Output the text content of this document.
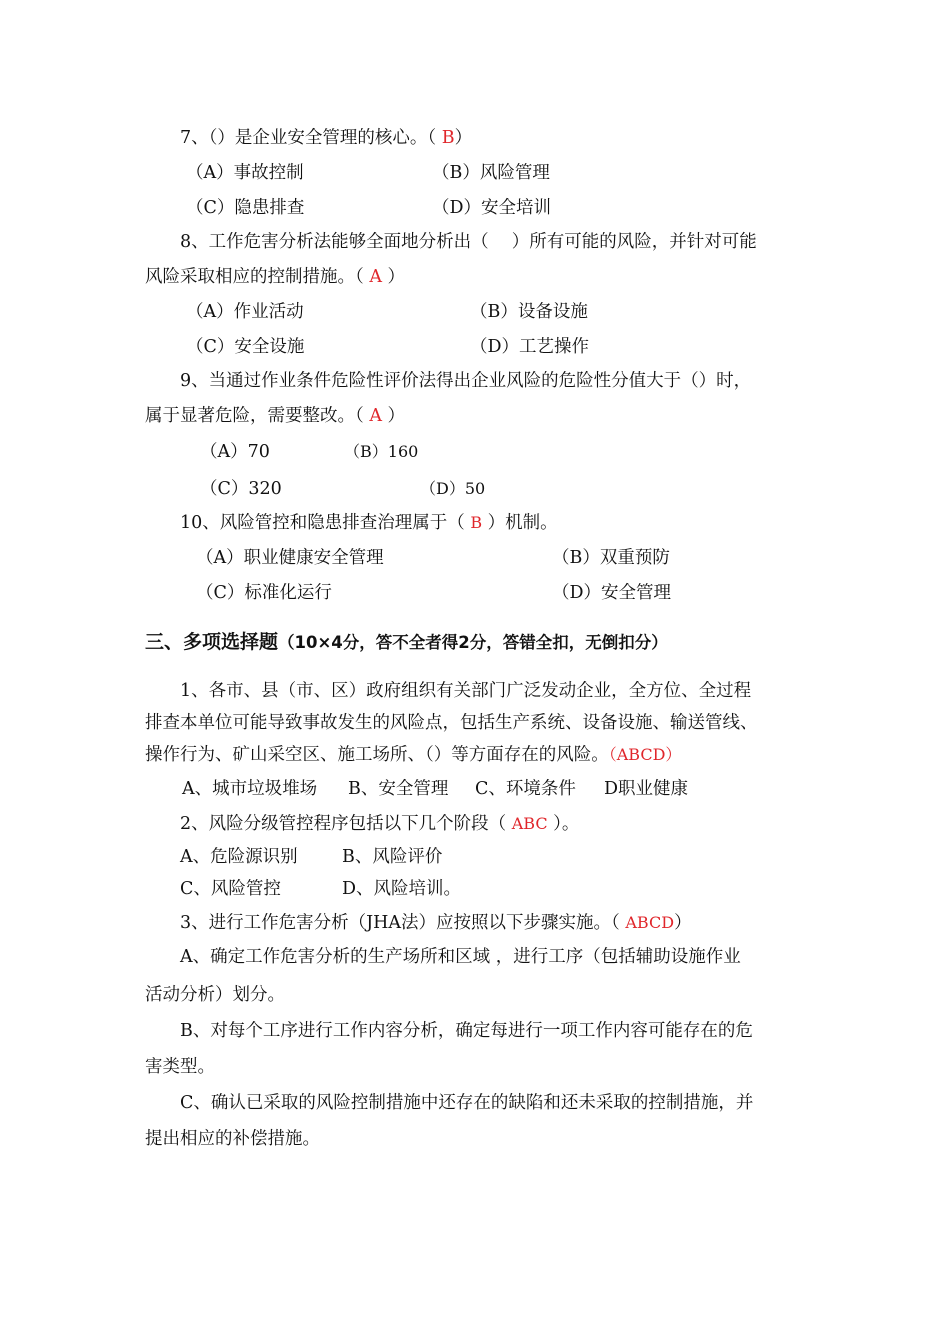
7、（）是企业安全管理的核心。（ B）
（A）事故控制	（B）风险管理
（C）隐患排查	（D）安全培训
8、工作危害分析法能够全面地分析出（　 ）所有可能的风险，并针对可能
风险采取相应的控制措施。（ A ）
（A）作业活动	（B）设备设施
（C）安全设施	（D）工艺操作
9、当通过作业条件危险性评价法得出企业风险的危险性分值大于（）时，
属于显著危险，需要整改。（ A ）
（A）70	（B）160
（C）320	（D）50
10、风险管控和隐患排查治理属于（ B ）机制。
（A）职业健康安全管理	（B）双重预防
（C）标准化运行	（D）安全管理
三、多项选择题（10×4分，答不全者得2分，答错全扣，无倒扣分）
1、各市、县（市、区）政府组织有关部门广泛发动企业，全方位、全过程
排查本单位可能导致事故发生的风险点，包括生产系统、设备设施、输送管线、
操作行为、矿山采空区、施工场所、（）等方面存在的风险。（ABCD）
A、城市垃圾堆场 B、安全管理 C、环境条件 D职业健康
2、风险分级管控程序包括以下几个阶段（ ABC ）。
A、危险源识别	B、风险评价
C、风险管控	D、风险培训。
3、进行工作危害分析（JHA法）应按照以下步骤实施。（ ABCD）
A、确定工作危害分析的生产场所和区域 ，进行工序（包括辅助设施作业
活动分析）划分。
B、对每个工序进行工作内容分析，确定每进行一项工作内容可能存在的危
害类型。
C、确认已采取的风险控制措施中还存在的缺陷和还未采取的控制措施，并
提出相应的补偿措施。
